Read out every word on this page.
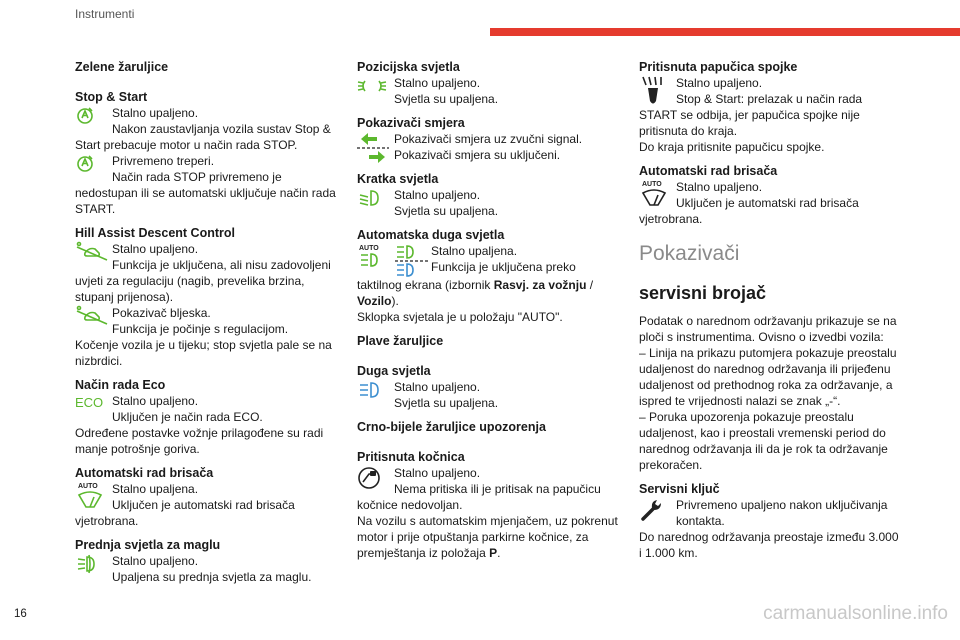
Instrumenti
Zelene žaruljice
Stop & Start
Stalno upaljeno.
Nakon zaustavljanja vozila sustav Stop &
Start prebacuje motor u način rada STOP.
Privremeno treperi.
Način rada STOP privremeno je
nedostupan ili se automatski uključuje način rada
START.
Hill Assist Descent Control
Stalno upaljeno.
Funkcija je uključena, ali nisu zadovoljeni
uvjeti za regulaciju (nagib, prevelika brzina,
stupanj prijenosa).
Pokazivač bljeska.
Funkcija je počinje s regulacijom.
Kočenje vozila je u tijeku; stop svjetla pale se na
nizbrdici.
Način rada Eco
ECO Stalno upaljeno.
Uključen je način rada ECO.
Određene postavke vožnje prilagođene su radi
manje potrošnje goriva.
Automatski rad brisača
AUTO Stalno upaljena.
Uključen je automatski rad brisača
vjetrobrana.
Prednja svjetla za maglu
Stalno upaljeno.
Upaljena su prednja svjetla za maglu.
Pozicijska svjetla
Stalno upaljeno.
Svjetla su upaljena.
Pokazivači smjera
Pokazivači smjera uz zvučni signal.
Pokazivači smjera su uključeni.
Kratka svjetla
Stalno upaljeno.
Svjetla su upaljena.
Automatska duga svjetla
AUTO	Stalno upaljena.
Funkcija je uključena preko
taktilnog ekrana (izbornik Rasvj. za vožnju /
Vozilo).
Sklopka svjetala je u položaju "AUTO".
Plave žaruljice
Duga svjetla
Stalno upaljeno.
Svjetla su upaljena.
Crno-bijele žaruljice upozorenja
Pritisnuta kočnica
Stalno upaljeno.
Nema pritiska ili je pritisak na papučicu
kočnice nedovoljan.
Na vozilu s automatskim mjenjačem, uz pokrenut
motor i prije otpuštanja parkirne kočnice, za
premještanja iz položaja P.
Pritisnuta papučica spojke
Stalno upaljeno.
Stop & Start: prelazak u način rada
START se odbija, jer papučica spojke nije
pritisnuta do kraja.
Do kraja pritisnite papučicu spojke.
Automatski rad brisača
AUTO Stalno upaljeno.
Uključen je automatski rad brisača
vjetrobrana.
Pokazivači
servisni brojač
Podatak o narednom održavanju prikazuje se na
ploči s instrumentima. Ovisno o izvedbi vozila:
– Linija na prikazu putomjera pokazuje preostalu
udaljenost do narednog održavanja ili prijeđenu
udaljenost od prethodnog roka za održavanje, a
ispred te vrijednosti nalazi se znak „-“.
– Poruka upozorenja pokazuje preostalu
udaljenost, kao i preostali vremenski period do
narednog održavanja ili da je rok ta održavanje
prekoračen.
Servisni ključ
Privremeno upaljeno nakon uključivanja
kontakta.
Do narednog održavanja preostaje između 3.000
i 1.000 km.
16	carmanualsonline.info
